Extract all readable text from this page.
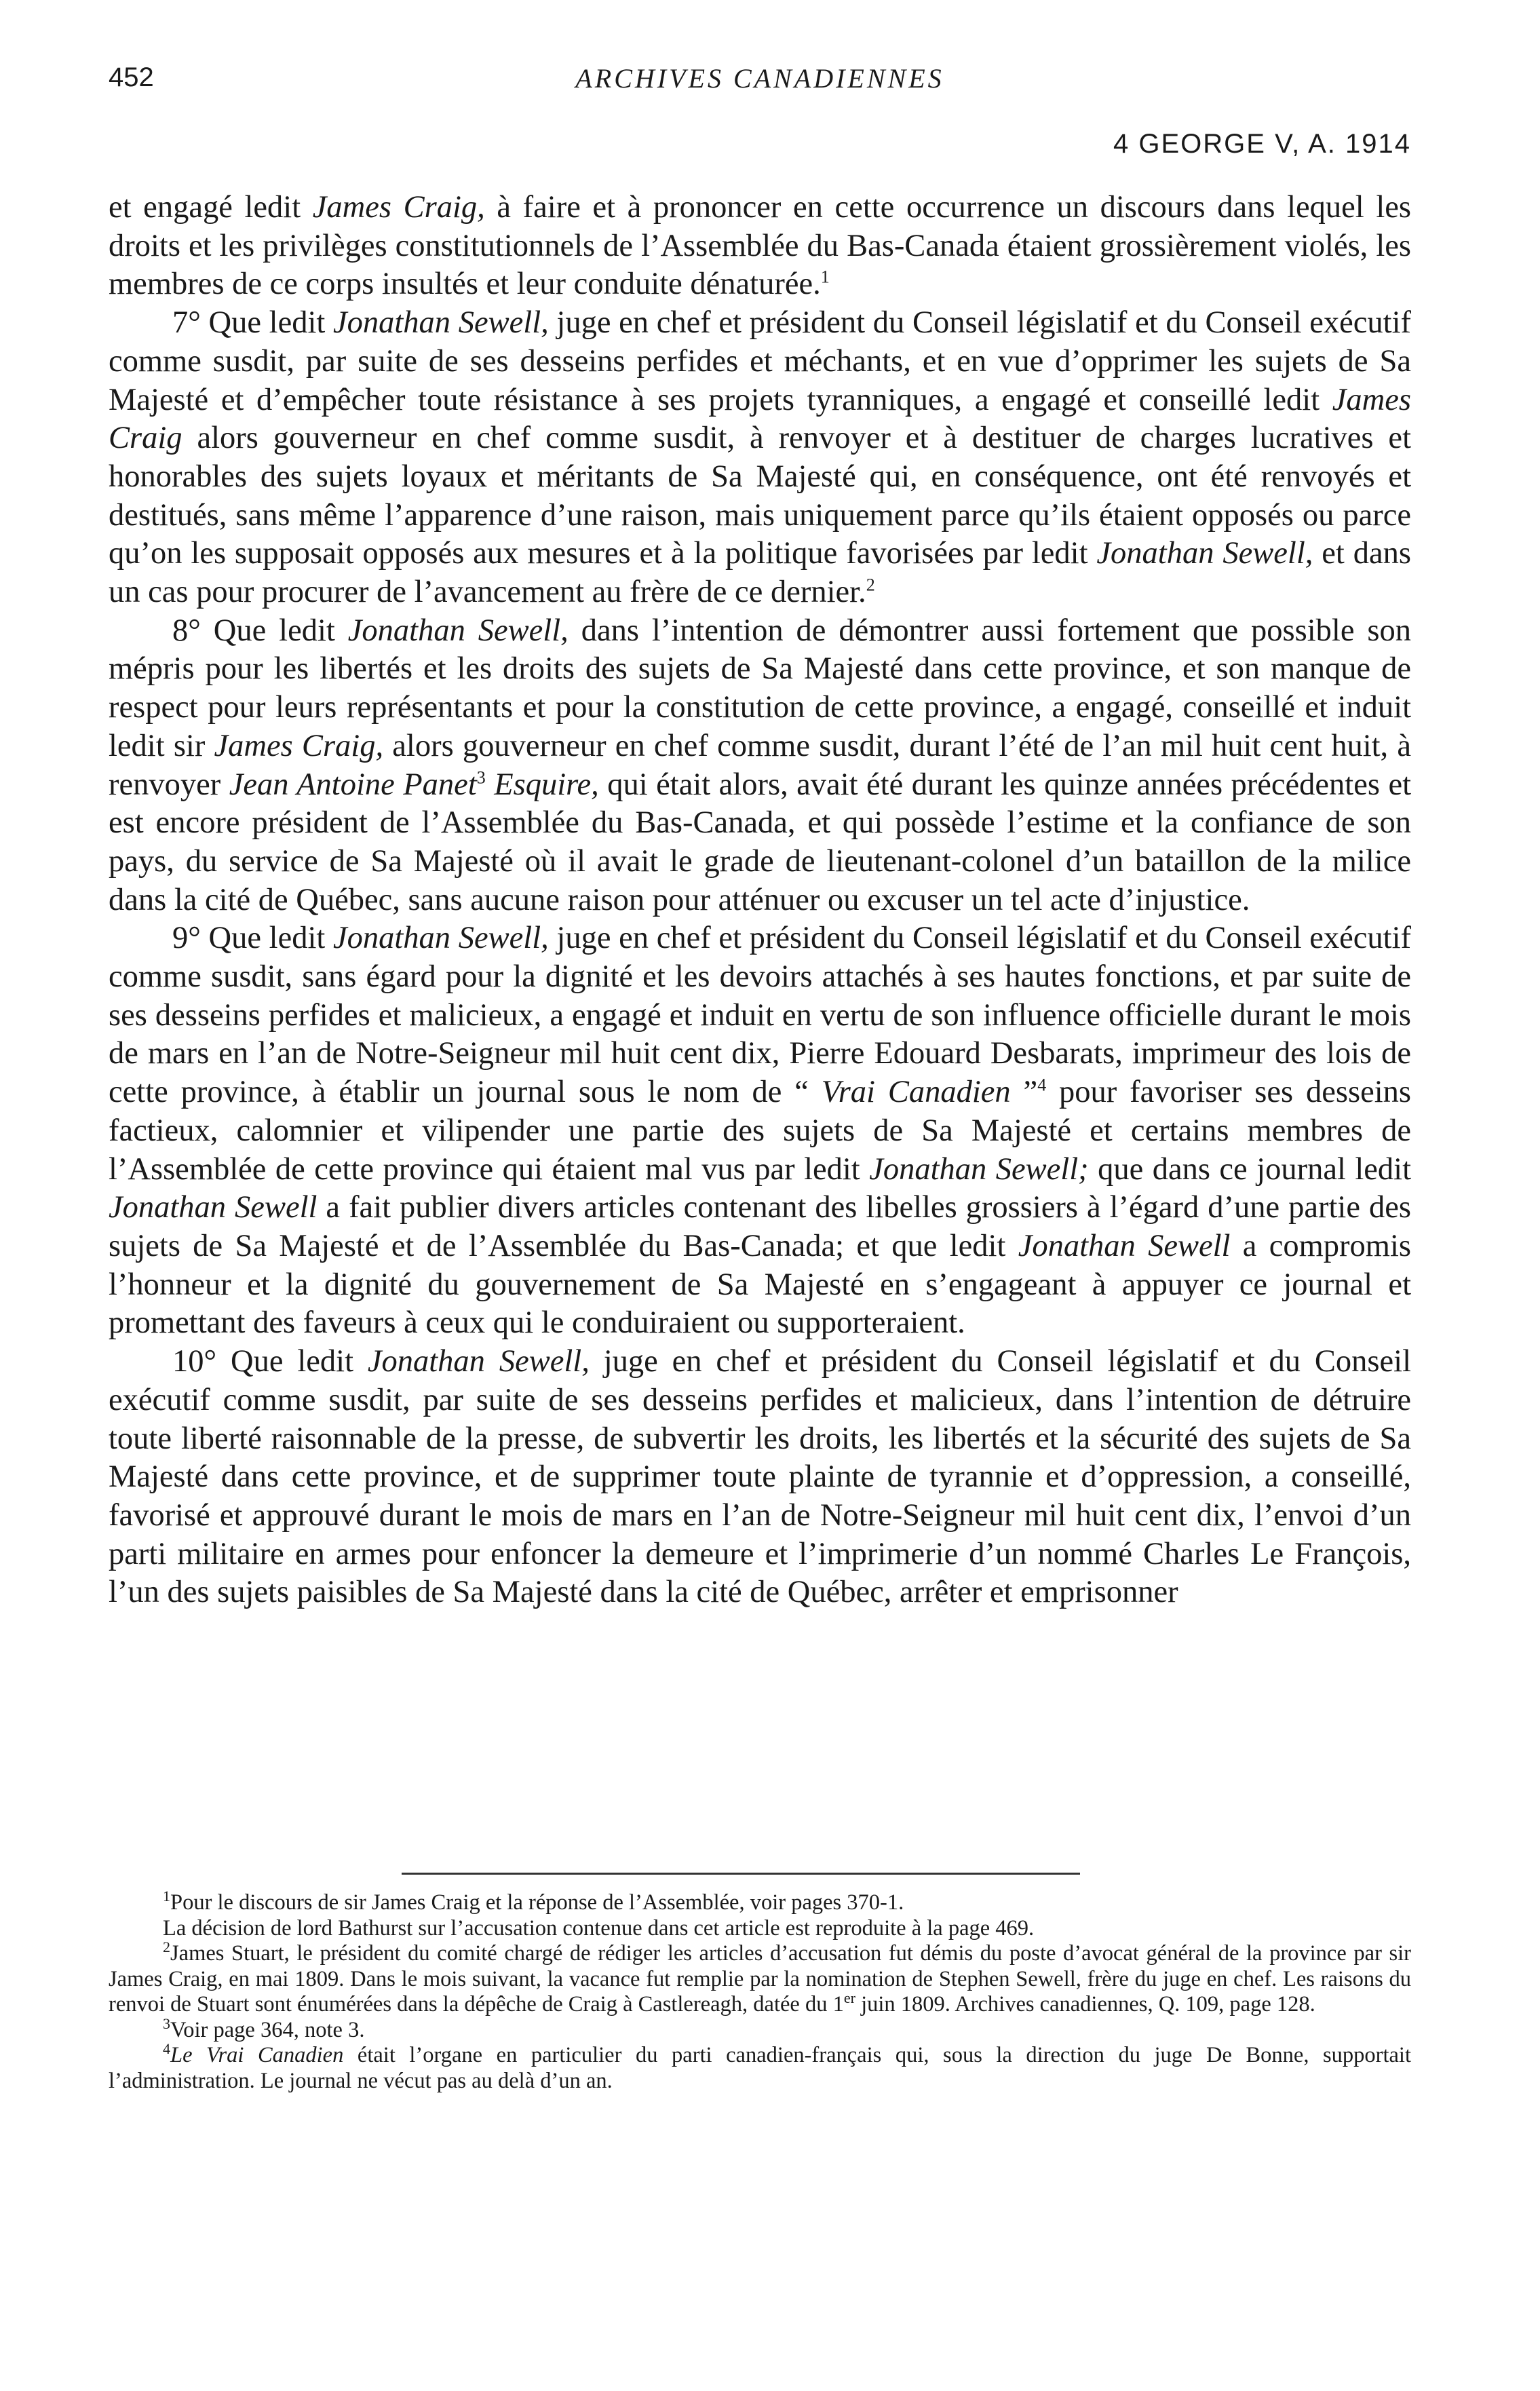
452	ARCHIVES CANADIENNES
4 GEORGE V, A. 1914

et engagé ledit James Craig, à faire et à prononcer en cette occurrence un discours dans lequel les droits et les privilèges constitutionnels de l’Assemblée du Bas-Canada étaient grossièrement violés, les membres de ce corps insultés et leur conduite dénaturée.$^1$

7° Que ledit Jonathan Sewell, juge en chef et président du Conseil législatif et du Conseil exécutif comme susdit, par suite de ses desseins perfides et méchants, et en vue d’opprimer les sujets de Sa Majesté et d’empêcher toute résistance à ses projets tyranniques, a engagé et conseillé ledit James Craig alors gouverneur en chef comme susdit, à renvoyer et à destituer de charges lucratives et honorables des sujets loyaux et méritants de Sa Majesté qui, en conséquence, ont été renvoyés et destitués, sans même l’apparence d’une raison, mais uniquement parce qu’ils étaient opposés ou parce qu’on les supposait opposés aux mesures et à la politique favorisées par ledit Jonathan Sewell, et dans un cas pour procurer de l’avancement au frère de ce dernier.$^2$

8° Que ledit Jonathan Sewell, dans l’intention de démontrer aussi fortement que possible son mépris pour les libertés et les droits des sujets de Sa Majesté dans cette province, et son manque de respect pour leurs représentants et pour la constitution de cette province, a engagé, conseillé et induit ledit sir James Craig, alors gouverneur en chef comme susdit, durant l’été de l’an mil huit cent huit, à renvoyer Jean Antoine Panet$^3$ Esquire, qui était alors, avait été durant les quinze années précédentes et est encore président de l’Assemblée du Bas-Canada, et qui possède l’estime et la confiance de son pays, du service de Sa Majesté où il avait le grade de lieutenant-colonel d’un bataillon de la milice dans la cité de Québec, sans aucune raison pour atténuer ou excuser un tel acte d’injustice.

9° Que ledit Jonathan Sewell, juge en chef et président du Conseil législatif et du Conseil exécutif comme susdit, sans égard pour la dignité et les devoirs attachés à ses hautes fonctions, et par suite de ses desseins perfides et malicieux, a engagé et induit en vertu de son influence officielle durant le mois de mars en l’an de Notre-Seigneur mil huit cent dix, Pierre Edouard Desbarats, imprimeur des lois de cette province, à établir un journal sous le nom de “ Vrai Canadien ”$^4$ pour favoriser ses desseins factieux, calomnier et vilipender une partie des sujets de Sa Majesté et certains membres de l’Assemblée de cette province qui étaient mal vus par ledit Jonathan Sewell; que dans ce journal ledit Jonathan Sewell a fait publier divers articles contenant des libelles grossiers à l’égard d’une partie des sujets de Sa Majesté et de l’Assemblée du Bas-Canada; et que ledit Jonathan Sewell a compromis l’honneur et la dignité du gouvernement de Sa Majesté en s’engageant à appuyer ce journal et promettant des faveurs à ceux qui le conduiraient ou supporteraient.

10° Que ledit Jonathan Sewell, juge en chef et président du Conseil législatif et du Conseil exécutif comme susdit, par suite de ses desseins perfides et malicieux, dans l’intention de détruire toute liberté raisonnable de la presse, de subvertir les droits, les libertés et la sécurité des sujets de Sa Majesté dans cette province, et de supprimer toute plainte de tyrannie et d’oppression, a conseillé, favorisé et approuvé durant le mois de mars en l’an de Notre-Seigneur mil huit cent dix, l’envoi d’un parti militaire en armes pour enfoncer la demeure et l’imprimerie d’un nommé Charles Le François, l’un des sujets paisibles de Sa Majesté dans la cité de Québec, arrêter et emprisonner

$^1$Pour le discours de sir James Craig et la réponse de l’Assemblée, voir pages 370-1.

La décision de lord Bathurst sur l’accusation contenue dans cet article est reproduite à la page 469.

$^2$James Stuart, le président du comité chargé de rédiger les articles d’accusation fut démis du poste d’avocat général de la province par sir James Craig, en mai 1809. Dans le mois suivant, la vacance fut remplie par la nomination de Stephen Sewell, frère du juge en chef. Les raisons du renvoi de Stuart sont énumérées dans la dépêche de Craig à Castlereagh, datée du 1er juin 1809. Archives canadiennes, Q. 109, page 128.

$^3$Voir page 364, note 3.

$^4$Le Vrai Canadien était l’organe en particulier du parti canadien-français qui, sous la direction du juge De Bonne, supportait l’administration. Le journal ne vécut pas au delà d’un an.
